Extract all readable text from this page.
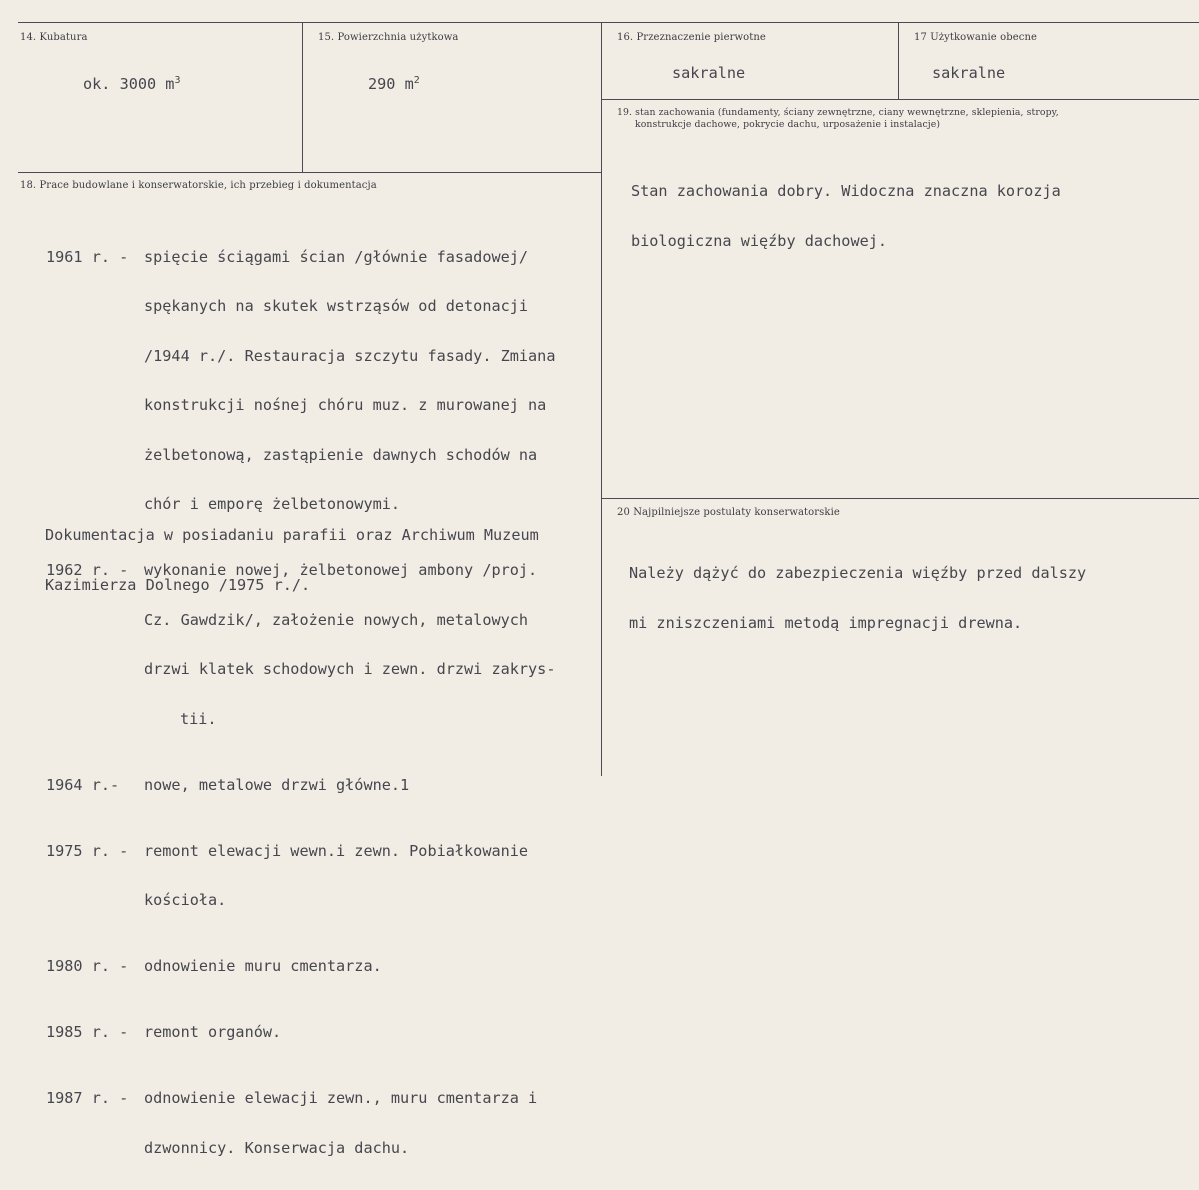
14. Kubatura
ok. 3000 $m^3$
15. Powierzchnia użytkowa
290 $m^2$
16. Przeznaczenie pierwotne
sakralne
17 Użytkowanie obecne
sakralne
19. stan zachowania (fundamenty, ściany zewnętrzne, ciany wewnętrzne, sklepienia, stropy,
konstrukcje dachowe, pokrycie dachu, urposażenie i instalacje)

Stan zachowania dobry. Widoczna znaczna korozja

biologiczna więźby dachowej.

18. Prace budowlane i konserwatorskie, ich przebieg i dokumentacja

1961 r. - spięcie ściągami ścian /głównie fasadowej/

spękanych na skutek wstrząsów od detonacji

/1944 r./. Restauracja szczytu fasady. Zmiana

konstrukcji nośnej chóru muz. z murowanej na

żelbetonową, zastąpienie dawnych schodów na

chór i emporę żelbetonowymi.

1962 r. - wykonanie nowej, żelbetonowej ambony /proj.

Cz. Gawdzik/, założenie nowych, metalowych

drzwi klatek schodowych i zewn. drzwi zakrys-

tii.

1964 r.- nowe, metalowe drzwi główne.1

1975 r. - remont elewacji wewn.i zewn. Pobiałkowanie

kościoła.

1980 r. - odnowienie muru cmentarza.

1985 r. - remont organów.

1987 r. - odnowienie elewacji zewn., muru cmentarza i

dzwonnicy. Konserwacja dachu.

Dokumentacja w posiadaniu parafii oraz Archiwum Muzeum

Kazimierza Dolnego /1975 r./.

20 Najpilniejsze postulaty konserwatorskie

Należy dążyć do zabezpieczenia więźby przed dalszy

mi zniszczeniami metodą impregnacji drewna.
